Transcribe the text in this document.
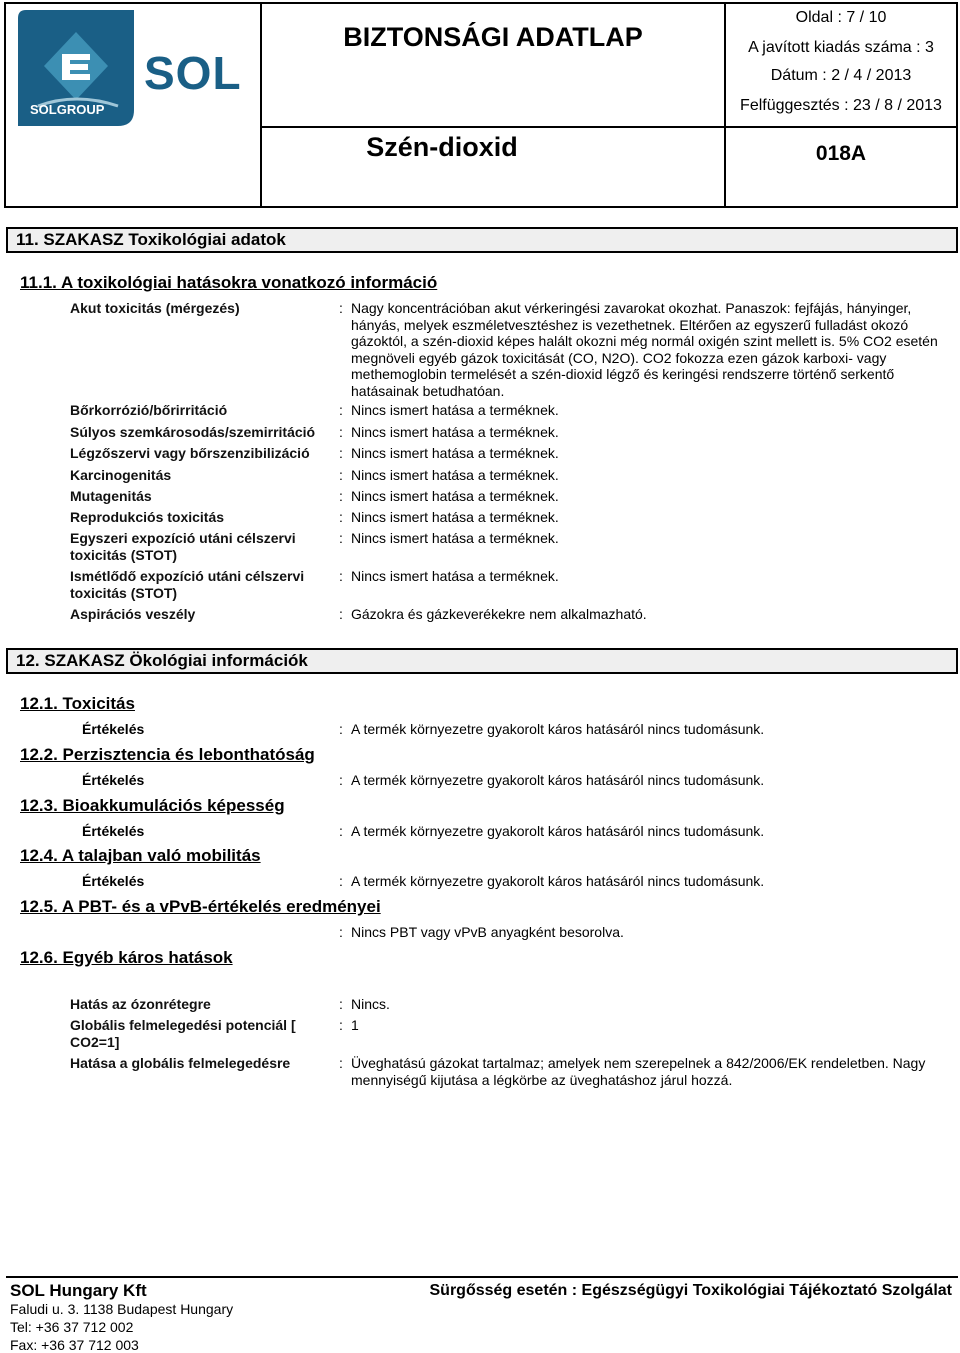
SOLGROUP
SOL
BIZTONSÁGI ADATLAP
Szén-dioxid
Oldal : 7 / 10
A javított kiadás száma : 3
Dátum : 2 / 4 / 2013
Felfüggesztés : 23 / 8 / 2013
018A
11. SZAKASZ Toxikológiai adatok
11.1. A toxikológiai hatásokra vonatkozó információ
Akut toxicitás (mérgezés)	: Nagy koncentrációban akut vérkeringési zavarokat okozhat. Panaszok: fejfájás, hányinger, hányás, melyek eszméletvesztéshez is vezethetnek. Eltérően az egyszerű fulladást okozó gázoktól, a szén-dioxid képes halált okozni még normál oxigén szint mellett is. 5% CO2 esetén megnöveli egyéb gázok toxicitását (CO, N2O). CO2 fokozza ezen gázok karboxi- vagy methemoglobin termelését a szén-dioxid légző és keringési rendszerre történő serkentő hatásainak betudhatóan.
Bőrkorrózió/bőrirritáció	: Nincs ismert hatása a terméknek.
Súlyos szemkárosodás/szemirritáció	: Nincs ismert hatása a terméknek.
Légzőszervi vagy bőrszenzibilizáció	: Nincs ismert hatása a terméknek.
Karcinogenitás	: Nincs ismert hatása a terméknek.
Mutagenitás	: Nincs ismert hatása a terméknek.
Reprodukciós toxicitás	: Nincs ismert hatása a terméknek.
Egyszeri expozíció utáni célszervi toxicitás (STOT)
: Nincs ismert hatása a terméknek.
Ismétlődő expozíció utáni célszervi toxicitás (STOT)
: Nincs ismert hatása a terméknek.
Aspirációs veszély	: Gázokra és gázkeverékekre nem alkalmazható.
12. SZAKASZ Ökológiai információk
12.1. Toxicitás
Értékelés	: A termék környezetre gyakorolt káros hatásáról nincs tudomásunk.
12.2. Perzisztencia és lebonthatóság
Értékelés	: A termék környezetre gyakorolt káros hatásáról nincs tudomásunk.
12.3. Bioakkumulációs képesség
Értékelés	: A termék környezetre gyakorolt káros hatásáról nincs tudomásunk.
12.4. A talajban való mobilitás
Értékelés	: A termék környezetre gyakorolt káros hatásáról nincs tudomásunk.
12.5. A PBT- és a vPvB-értékelés eredményei
: Nincs PBT vagy vPvB anyagként besorolva.
12.6. Egyéb káros hatások
Hatás az ózonrétegre	: Nincs.
Globális felmelegedési potenciál [ CO2=1]
: 1
Hatása a globális felmelegedésre	: Üveghatású gázokat tartalmaz; amelyek nem szerepelnek a 842/2006/EK rendeletben. Nagy mennyiségű kijutása a légkörbe az üveghatáshoz járul hozzá.
SOL Hungary Kft	Sürgősség esetén : Egészségügyi Toxikológiai Tájékoztató Szolgálat
Faludi u. 3. 1138 Budapest Hungary
Tel: +36 37 712 002
Fax: +36 37 712 003
